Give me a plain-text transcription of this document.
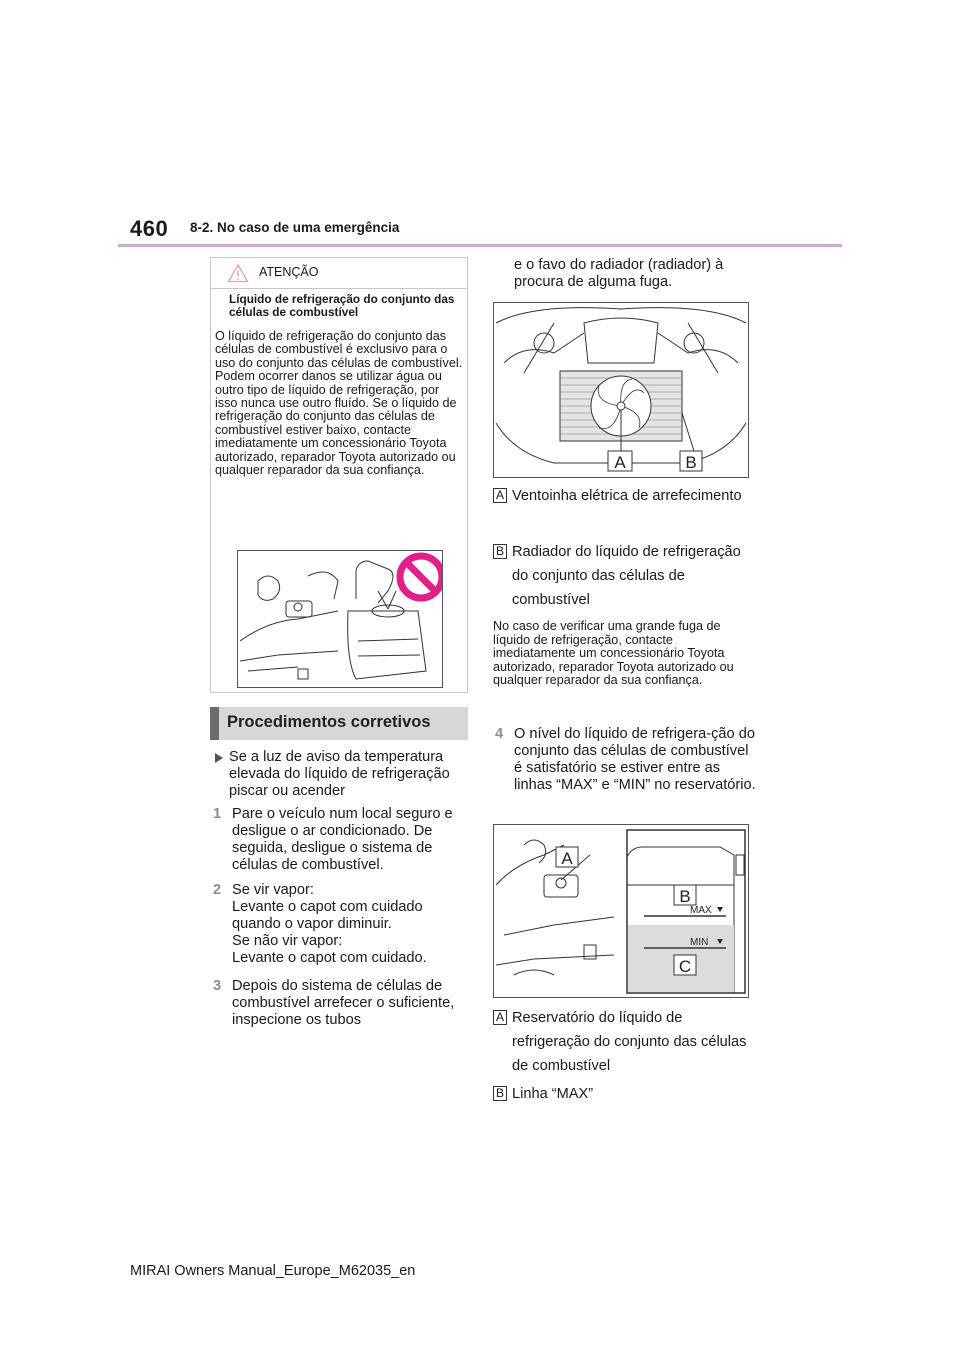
460 8-2. No caso de uma emergência
ATENÇÃO
Líquido de refrigeração do conjunto das células de combustível
O líquido de refrigeração do conjunto das células de combustível é exclusivo para o uso do conjunto das células de combustível. Podem ocorrer danos se utilizar água ou outro tipo de líquido de refrigeração, por isso nunca use outro fluído. Se o líquido de refrigeração do conjunto das células de combustível estiver baixo, contacte imediatamente um concessionário Toyota autorizado, reparador Toyota autorizado ou qualquer reparador da sua confiança.
Procedimentos corretivos
Se a luz de aviso da temperatura elevada do líquido de refrigeração piscar ou acender
1 Pare o veículo num local seguro e desligue o ar condicionado. De seguida, desligue o sistema de células de combustível.
2 Se vir vapor:
Levante o capot com cuidado quando o vapor diminuir.
Se não vir vapor:
Levante o capot com cuidado.
3 Depois do sistema de células de combustível arrefecer o suficiente, inspecione os tubos
e o favo do radiador (radiador) à procura de alguma fuga.
A	B
A Ventoinha elétrica de arrefecimento
B Radiador do líquido de refrigeração do conjunto das células de combustível
No caso de verificar uma grande fuga de líquido de refrigeração, contacte imediatamente um concessionário Toyota autorizado, reparador Toyota autorizado ou qualquer reparador da sua confiança.
4 O nível do líquido de refrigera-ção do conjunto das células de combustível é satisfatório se estiver entre as linhas “MAX” e “MIN” no reservatório.
A
MAX
MIN
B
C
A Reservatório do líquido de refrigeração do conjunto das células de combustível
B Linha “MAX”
MIRAI Owners Manual_Europe_M62035_en
